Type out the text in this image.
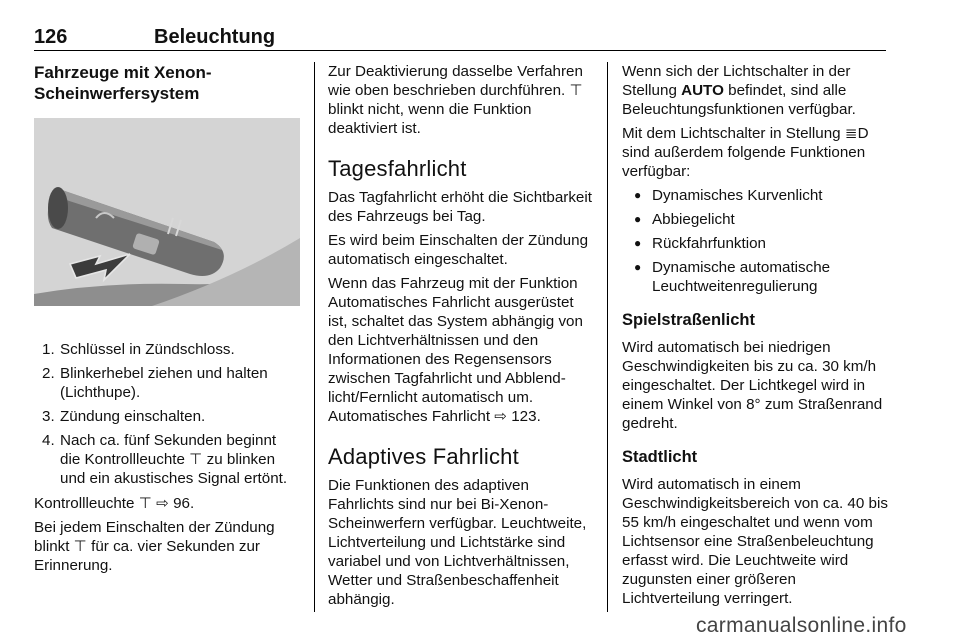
126	Beleuchtung
Fahrzeuge mit Xenon-Scheinwerfersystem
1. Schlüssel in Zündschloss.
2. Blinkerhebel ziehen und halten (Lichthupe).
3. Zündung einschalten.
4. Nach ca. fünf Sekunden beginnt die Kontrollleuchte ⊤ zu blinken und ein akustisches Signal ertönt.

Kontrollleuchte ⊤ ⇨ 96.

Bei jedem Einschalten der Zündung blinkt ⊤ für ca. vier Sekunden zur Erinnerung.

Zur Deaktivierung dasselbe Verfahren wie oben beschrieben durchführen. ⊤ blinkt nicht, wenn die Funktion deaktiviert ist.

Tagesfahrlicht

Das Tagfahrlicht erhöht die Sichtbarkeit des Fahrzeugs bei Tag.

Es wird beim Einschalten der Zündung automatisch eingeschaltet.

Wenn das Fahrzeug mit der Funktion Automatisches Fahrlicht ausgerüstet ist, schaltet das System abhängig von den Lichtverhältnissen und den Informationen des Regensensors zwischen Tagfahrlicht und Abblend-licht/Fernlicht automatisch um. Automatisches Fahrlicht ⇨ 123.

Adaptives Fahrlicht

Die Funktionen des adaptiven Fahrlichts sind nur bei Bi-Xenon-Scheinwerfern verfügbar. Leuchtweite, Lichtverteilung und Lichtstärke sind variabel und von Lichtverhältnissen, Wetter und Straßenbeschaffenheit abhängig.

Wenn sich der Lichtschalter in der Stellung AUTO befindet, sind alle Beleuchtungsfunktionen verfügbar.

Mit dem Lichtschalter in Stellung ≣D sind außerdem folgende Funktionen verfügbar:

● Dynamisches Kurvenlicht
● Abbiegelicht
● Rückfahrfunktion
● Dynamische automatische Leuchtweitenregulierung
Spielstraßenlicht

Wird automatisch bei niedrigen Geschwindigkeiten bis zu ca. 30 km/h eingeschaltet. Der Lichtkegel wird in einem Winkel von 8° zum Straßenrand gedreht.

Stadtlicht

Wird automatisch in einem Geschwindigkeitsbereich von ca. 40 bis 55 km/h eingeschaltet und wenn vom Lichtsensor eine Straßenbeleuchtung erfasst wird. Die Leuchtweite wird zugunsten einer größeren Lichtverteilung verringert.

carmanualsonline.info
